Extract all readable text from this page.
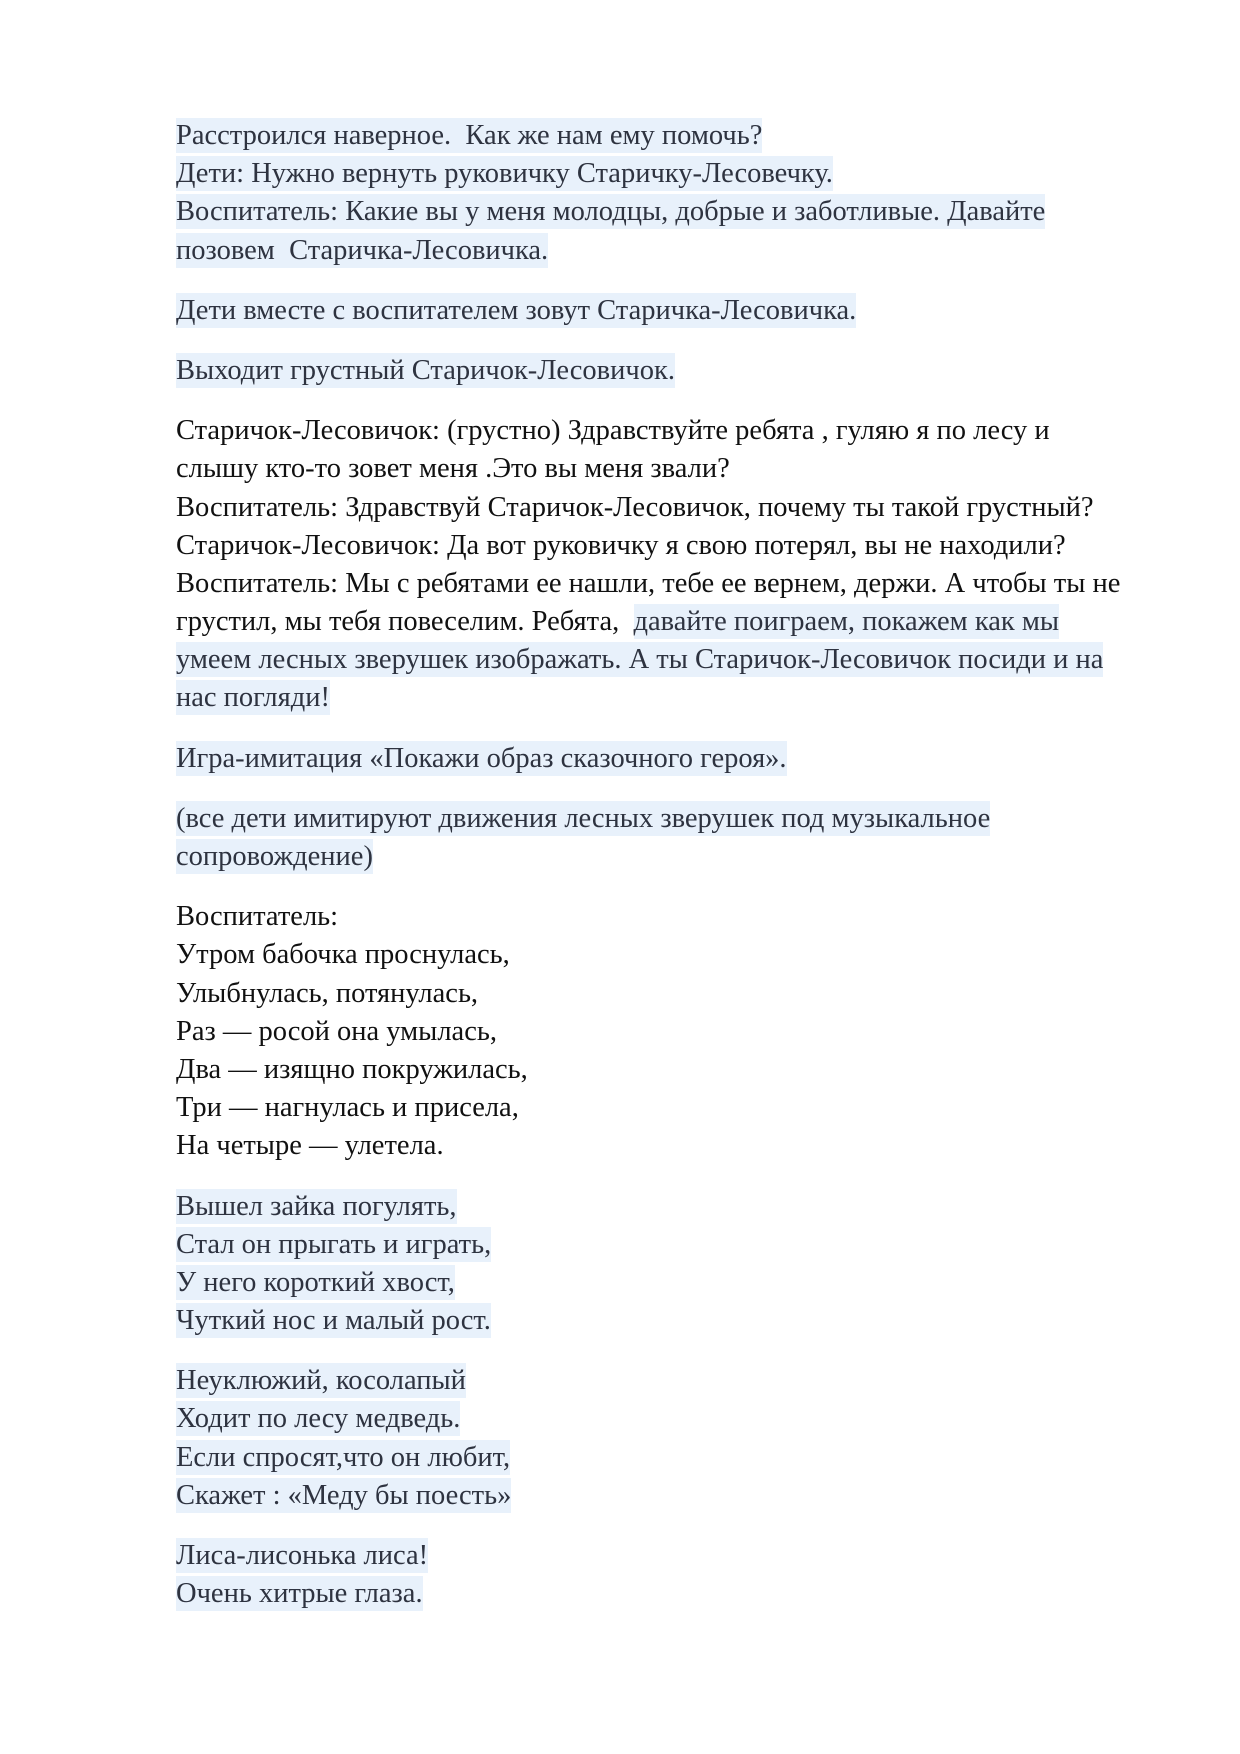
Расстроился наверное.  Как же нам ему помочь?
Дети: Нужно вернуть руковичку Старичку-Лесовечку.
Воспитатель: Какие вы у меня молодцы, добрые и заботливые. Давайте
позовем  Старичка-Лесовичка.
Дети вместе с воспитателем зовут Старичка-Лесовичка.
Выходит грустный Старичок-Лесовичок.
Старичок-Лесовичок: (грустно) Здравствуйте ребята , гуляю я по лесу и
слышу кто-то зовет меня .Это вы меня звали?
Воспитатель: Здравствуй Старичок-Лесовичок, почему ты такой грустный?
Старичок-Лесовичок: Да вот руковичку я свою потерял, вы не находили?
Воспитатель: Мы с ребятами ее нашли, тебе ее вернем, держи. А чтобы ты не
грустил, мы тебя повеселим. Ребята,  давайте поиграем, покажем как мы
умеем лесных зверушек изображать. А ты Старичок-Лесовичок посиди и на
нас погляди!
Игра-имитация «Покажи образ сказочного героя».
(все дети имитируют движения лесных зверушек под музыкальное
сопровождение)
Воспитатель:
Утром бабочка проснулась,
Улыбнулась, потянулась,
Раз — росой она умылась,
Два — изящно покружилась,
Три — нагнулась и присела,
На четыре — улетела.
Вышел зайка погулять,
Стал он прыгать и играть,
У него короткий хвост,
Чуткий нос и малый рост.
Неуклюжий, косолапый
Ходит по лесу медведь.
Если спросят,что он любит,
Скажет : «Меду бы поесть»
Лиса-лисонька лиса!
Очень хитрые глаза.
